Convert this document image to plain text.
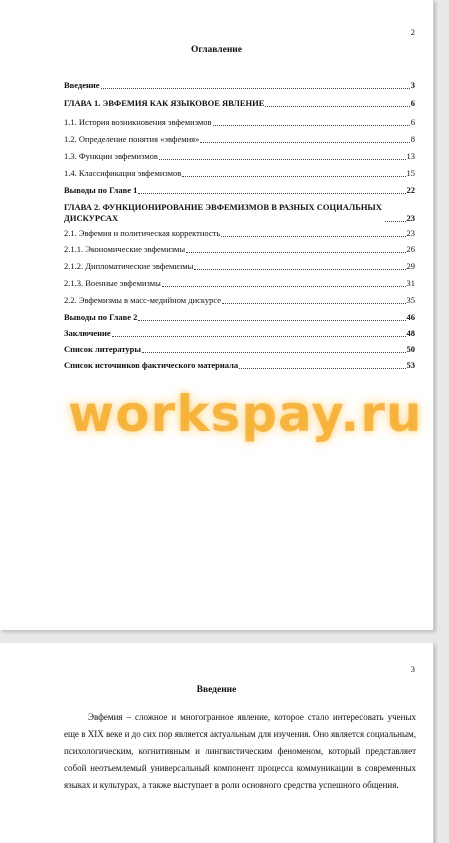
2
Оглавление
Введение	3
ГЛАВА 1. ЭВФЕМИЯ КАК ЯЗЫКОВОЕ ЯВЛЕНИЕ	6
1.1. История возникновения эвфемизмов	6
1.2. Определение понятия «эвфемия»	8
1.3. Функции эвфемизмов	13
1.4. Классификация эвфемизмов	15
Выводы по Главе 1	22
ГЛАВА 2. ФУНКЦИОНИРОВАНИЕ ЭВФЕМИЗМОВ В РАЗНЫХ СОЦИАЛЬНЫХ ДИСКУРСАХ	23
2.1. Эвфемия и политическая корректность	23
2.1.1. Экономические эвфемизмы	26
2.1.2. Дипломатические эвфемизмы	29
2.1.3. Военные эвфемизмы	31
2.2. Эвфемизмы в масс-медийном дискурсе	35
Выводы по Главе 2	46
Заключение	48
Список литературы	50
Список источников фактического материала	53
workspay.ru
3
Введение
Эвфемия – сложное и многогранное явление, которое стало интересовать ученых еще в XIX веке и до сих пор является актуальным для изучения. Оно является социальным, психологическим, когнитивным и лингвистическим феноменом, который представляет собой неотъемлемый универсальный компонент процесса коммуникации в современных языках и культурах, а также выступает в роли основного средства успешного общения.
